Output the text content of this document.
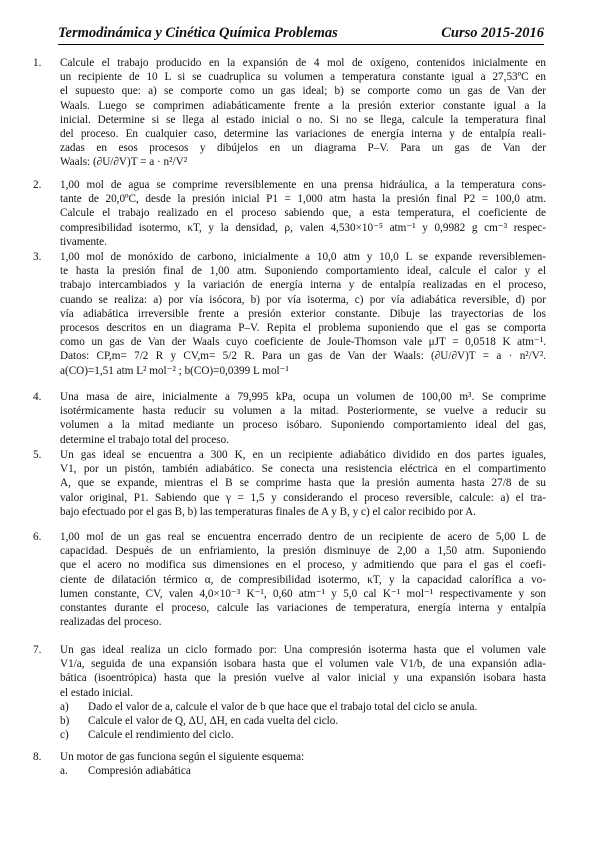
Termodinámica y Cinética Química Problemas	Curso 2015-2016
1. Calcule el trabajo producido en la expansión de 4 mol de oxígeno, contenidos inicialmente en
un recipiente de 10 L si se cuadruplica su volumen a temperatura constante igual a 27,53ºC en
el supuesto que: a) se comporte como un gas ideal; b) se comporte como un gas de Van der
Waals. Luego se comprimen adiabáticamente frente a la presión exterior constante igual a la
inicial. Determine si se llega al estado inicial o no. Si no se llega, calcule la temperatura final
del proceso. En cualquier caso, determine las variaciones de energía interna y de entalpía reali-
zadas en esos procesos y dibújelos en un diagrama P–V. Para un gas de Van der
Waals: (∂U/∂V)T = a · n²/V²
2. 1,00 mol de agua se comprime reversiblemente en una prensa hidráulica, a la temperatura cons-
tante de 20,0ºC, desde la presión inicial P1 = 1,000 atm hasta la presión final P2 = 100,0 atm.
Calcule el trabajo realizado en el proceso sabiendo que, a esta temperatura, el coeficiente de
compresibilidad isotermo, κT, y la densidad, ρ, valen 4,530×10⁻⁵ atm⁻¹ y 0,9982 g cm⁻³ respec-
tivamente.
3. 1,00 mol de monóxido de carbono, inicialmente a 10,0 atm y 10,0 L se expande reversiblemen-
te hasta la presión final de 1,00 atm. Suponiendo comportamiento ideal, calcule el calor y el
trabajo intercambiados y la variación de energía interna y de entalpía realizadas en el proceso,
cuando se realiza: a) por vía isócora, b) por vía isoterma, c) por vía adiabática reversible, d) por
vía adiabática irreversible frente a presión exterior constante. Dibuje las trayectorias de los
procesos descritos en un diagrama P–V. Repita el problema suponiendo que el gas se comporta
como un gas de Van der Waals cuyo coeficiente de Joule-Thomson vale μJT = 0,0518 K atm⁻¹.
Datos: CP,m= 7/2 R y CV,m= 5/2 R. Para un gas de Van der Waals: (∂U/∂V)T = a · n²/V².
a(CO)=1,51 atm L² mol⁻² ; b(CO)=0,0399 L mol⁻¹
4. Una masa de aire, inicialmente a 79,995 kPa, ocupa un volumen de 100,00 m³. Se comprime
isotérmicamente hasta reducir su volumen a la mitad. Posteriormente, se vuelve a reducir su
volumen a la mitad mediante un proceso isóbaro. Suponiendo comportamiento ideal del gas,
determine el trabajo total del proceso.
5. Un gas ideal se encuentra a 300 K, en un recipiente adiabático dividido en dos partes iguales,
V1, por un pistón, también adiabático. Se conecta una resistencia eléctrica en el compartimento
A, que se expande, mientras el B se comprime hasta que la presión aumenta hasta 27/8 de su
valor original, P1. Sabiendo que γ = 1,5 y considerando el proceso reversible, calcule: a) el tra-
bajo efectuado por el gas B, b) las temperaturas finales de A y B, y c) el calor recibido por A.
6. 1,00 mol de un gas real se encuentra encerrado dentro de un recipiente de acero de 5,00 L de
capacidad. Después de un enfriamiento, la presión disminuye de 2,00 a 1,50 atm. Suponiendo
que el acero no modifica sus dimensiones en el proceso, y admitiendo que para el gas el coefi-
ciente de dilatación térmico α, de compresibilidad isotermo, κT, y la capacidad calorífica a vo-
lumen constante, CV, valen 4,0×10⁻³ K⁻¹, 0,60 atm⁻¹ y 5,0 cal K⁻¹ mol⁻¹ respectivamente y son
constantes durante el proceso, calcule las variaciones de temperatura, energía interna y entalpía
realizadas del proceso.
7. Un gas ideal realiza un ciclo formado por: Una compresión isoterma hasta que el volumen vale
V1/a, seguida de una expansión isobara hasta que el volumen vale V1/b, de una expansión adia-
bática (isoentrópica) hasta que la presión vuelve al valor inicial y una expansión isobara hasta
el estado inicial.
a) Dado el valor de a, calcule el valor de b que hace que el trabajo total del ciclo se anula.
b) Calcule el valor de Q, ΔU, ΔH, en cada vuelta del ciclo.
c) Calcule el rendimiento del ciclo.
8. Un motor de gas funciona según el siguiente esquema:
a. Compresión adiabática
